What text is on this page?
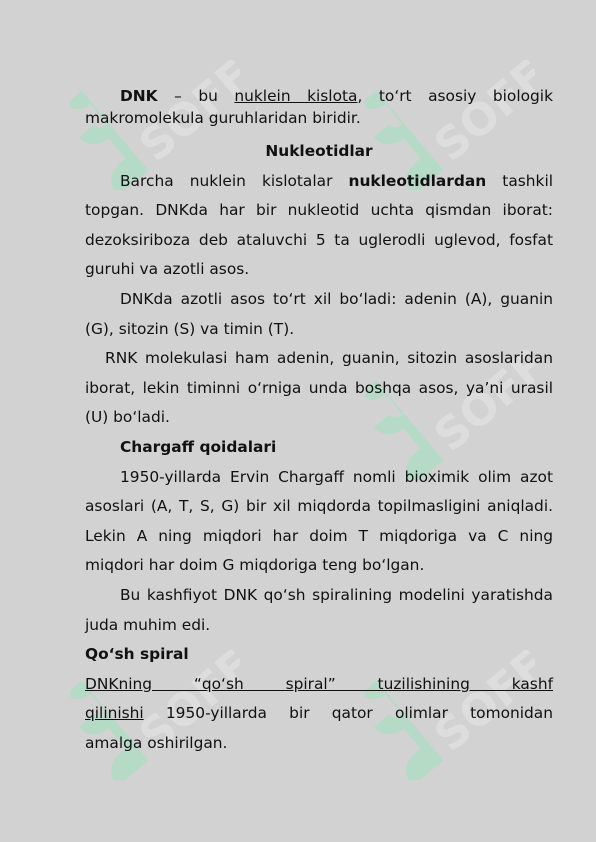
SOFF	SOFF
SOFF
SOFF	SOFF

DNK – bu nuklein kislota, to‘rt asosiy biologik makromolekula guruhlaridan biridir.

Nukleotidlar

Barcha nuklein kislotalar nukleotidlardan tashkil topgan. DNKda har bir nukleotid uchta qismdan iborat: dezoksiriboza deb ataluvchi 5 ta uglerodli uglevod, fosfat guruhi va azotli asos.

DNKda azotli asos to‘rt xil bo‘ladi: adenin (A), guanin (G), sitozin (S) va timin (T).

RNK molekulasi ham adenin, guanin, sitozin asoslaridan iborat, lekin timinni o‘rniga unda boshqa asos, ya’ni urasil (U) bo‘ladi.

Chargaff qoidalari

1950-yillarda Ervin Chargaff nomli bioximik olim azot asoslari (A, T, S, G) bir xil miqdorda topilmasligini aniqladi. Lekin A ning miqdori har doim T miqdoriga va C ning miqdori har doim G miqdoriga teng bo‘lgan.

Bu kashfiyot DNK qo‘sh spiralining modelini yaratishda juda muhim edi.

Qo‘sh spiral

DNKning “qo‘sh spiral” tuzilishining kashf

qilinishi 1950-yillarda bir qator olimlar tomonidan

amalga oshirilgan.
